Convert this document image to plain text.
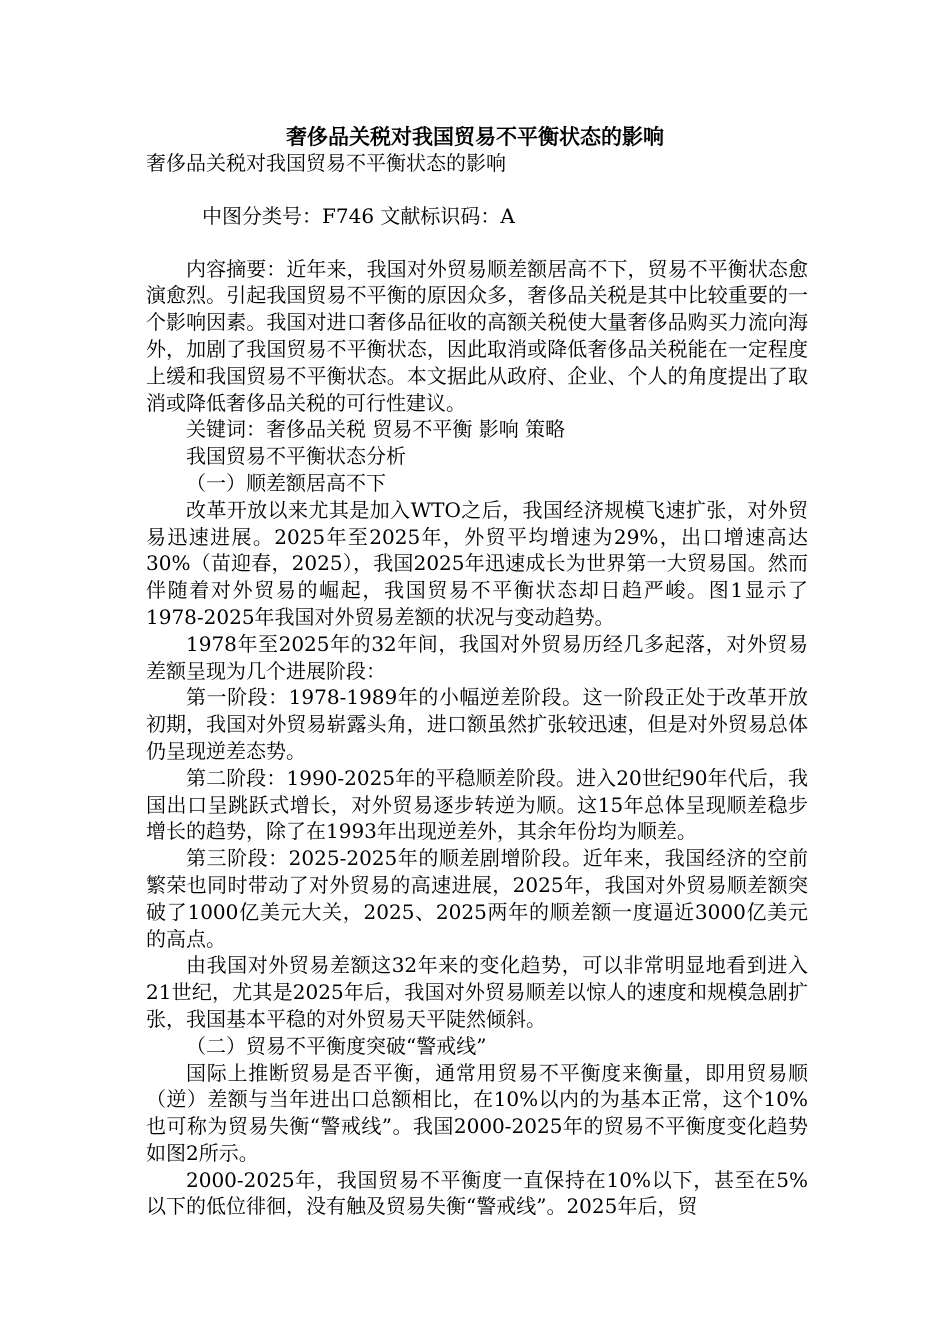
奢侈品关税对我国贸易不平衡状态的影响

奢侈品关税对我国贸易不平衡状态的影响

中图分类号：F746 文献标识码：A

内容摘要：近年来，我国对外贸易顺差额居高不下，贸易不平衡状态愈演愈烈。引起我国贸易不平衡的原因众多，奢侈品关税是其中比较重要的一个影响因素。我国对进口奢侈品征收的高额关税使大量奢侈品购买力流向海外，加剧了我国贸易不平衡状态，因此取消或降低奢侈品关税能在一定程度上缓和我国贸易不平衡状态。本文据此从政府、企业、个人的角度提出了取消或降低奢侈品关税的可行性建议。

关键词：奢侈品关税 贸易不平衡 影响 策略

我国贸易不平衡状态分析

（一）顺差额居高不下

改革开放以来尤其是加入WTO之后，我国经济规模飞速扩张，对外贸易迅速进展。2025年至2025年，外贸平均增速为29%，出口增速高达30%（苗迎春，2025），我国2025年迅速成长为世界第一大贸易国。然而伴随着对外贸易的崛起，我国贸易不平衡状态却日趋严峻。图1显示了1978-2025年我国对外贸易差额的状况与变动趋势。

1978年至2025年的32年间，我国对外贸易历经几多起落，对外贸易差额呈现为几个进展阶段：

第一阶段：1978-1989年的小幅逆差阶段。这一阶段正处于改革开放初期，我国对外贸易崭露头角，进口额虽然扩张较迅速，但是对外贸易总体仍呈现逆差态势。

第二阶段：1990-2025年的平稳顺差阶段。进入20世纪90年代后，我国出口呈跳跃式增长，对外贸易逐步转逆为顺。这15年总体呈现顺差稳步增长的趋势，除了在1993年出现逆差外，其余年份均为顺差。

第三阶段：2025-2025年的顺差剧增阶段。近年来，我国经济的空前繁荣也同时带动了对外贸易的高速进展，2025年，我国对外贸易顺差额突破了1000亿美元大关，2025、2025两年的顺差额一度逼近3000亿美元的高点。

由我国对外贸易差额这32年来的变化趋势，可以非常明显地看到进入21世纪，尤其是2025年后，我国对外贸易顺差以惊人的速度和规模急剧扩张，我国基本平稳的对外贸易天平陡然倾斜。

（二）贸易不平衡度突破“警戒线”

国际上推断贸易是否平衡，通常用贸易不平衡度来衡量，即用贸易顺（逆）差额与当年进出口总额相比，在10%以内的为基本正常，这个10%也可称为贸易失衡“警戒线”。我国2000-2025年的贸易不平衡度变化趋势如图2所示。

2000-2025年，我国贸易不平衡度一直保持在10%以下，甚至在5%以下的低位徘徊，没有触及贸易失衡“警戒线”。2025年后，贸
